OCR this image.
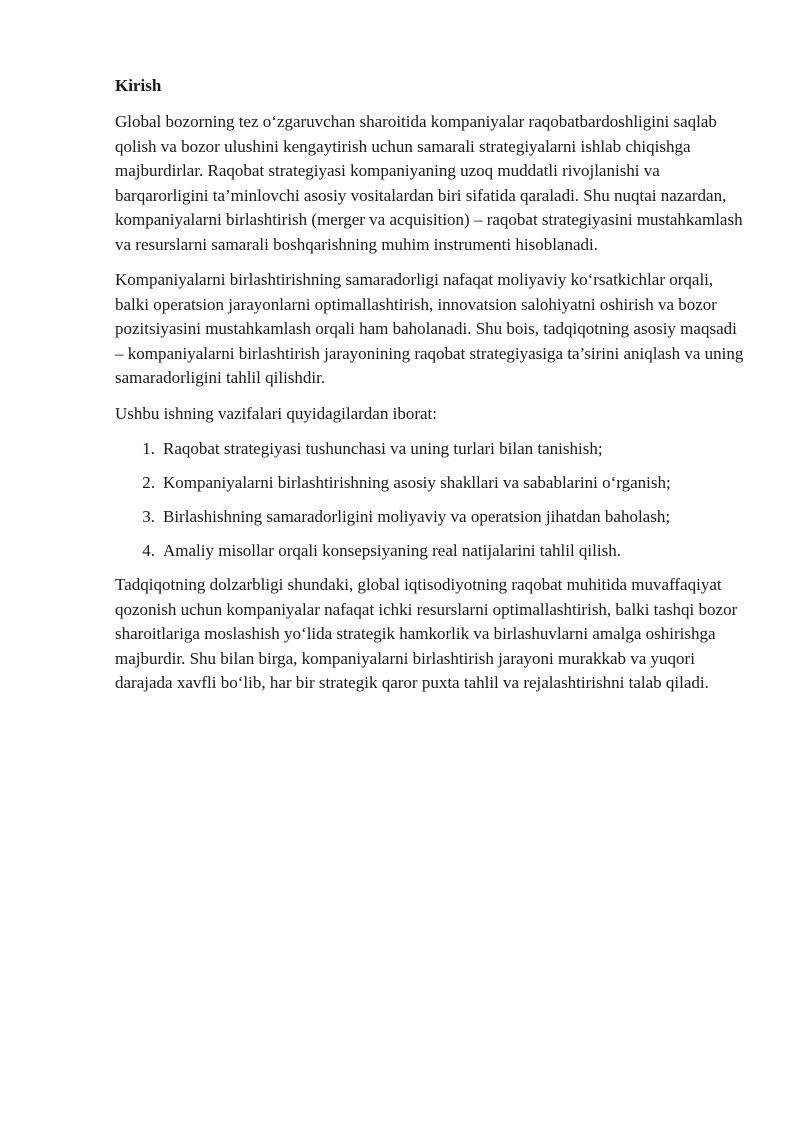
Kirish

Global bozorning tez o‘zgaruvchan sharoitida kompaniyalar raqobatbardoshligini saqlab qolish va bozor ulushini kengaytirish uchun samarali strategiyalarni ishlab chiqishga majburdirlar. Raqobat strategiyasi kompaniyaning uzoq muddatli rivojlanishi va barqarorligini ta’minlovchi asosiy vositalardan biri sifatida qaraladi. Shu nuqtai nazardan, kompaniyalarni birlashtirish (merger va acquisition) – raqobat strategiyasini mustahkamlash va resurslarni samarali boshqarishning muhim instrumenti hisoblanadi.

Kompaniyalarni birlashtirishning samaradorligi nafaqat moliyaviy ko‘rsatkichlar orqali, balki operatsion jarayonlarni optimallashtirish, innovatsion salohiyatni oshirish va bozor pozitsiyasini mustahkamlash orqali ham baholanadi. Shu bois, tadqiqotning asosiy maqsadi – kompaniyalarni birlashtirish jarayonining raqobat strategiyasiga ta’sirini aniqlash va uning samaradorligini tahlil qilishdir.

Ushbu ishning vazifalari quyidagilardan iborat:

1. Raqobat strategiyasi tushunchasi va uning turlari bilan tanishish;
2. Kompaniyalarni birlashtirishning asosiy shakllari va sabablarini o‘rganish;
3. Birlashishning samaradorligini moliyaviy va operatsion jihatdan baholash;
4. Amaliy misollar orqali konsepsiyaning real natijalarini tahlil qilish.

Tadqiqotning dolzarbligi shundaki, global iqtisodiyotning raqobat muhitida muvaffaqiyat qozonish uchun kompaniyalar nafaqat ichki resurslarni optimallashtirish, balki tashqi bozor sharoitlariga moslashish yo‘lida strategik hamkorlik va birlashuvlarni amalga oshirishga majburdir. Shu bilan birga, kompaniyalarni birlashtirish jarayoni murakkab va yuqori darajada xavfli bo‘lib, har bir strategik qaror puxta tahlil va rejalashtirishni talab qiladi.
